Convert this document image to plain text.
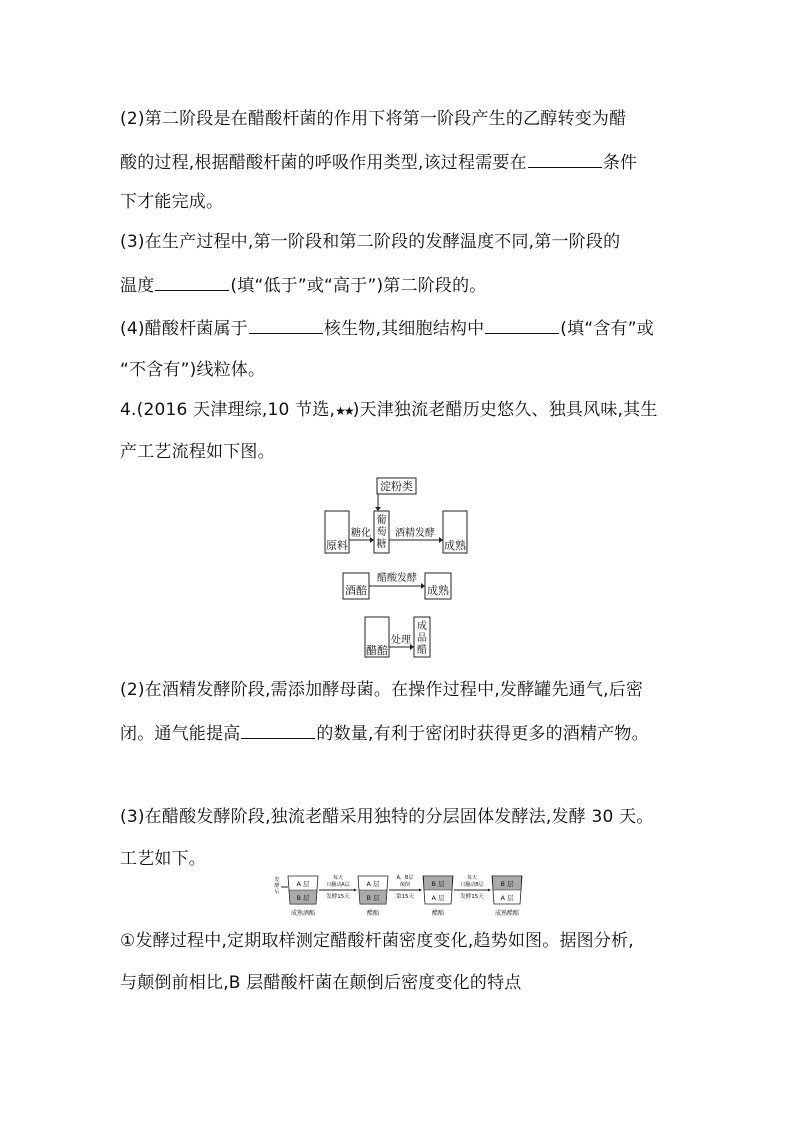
(2)第二阶段是在醋酸杆菌的作用下将第一阶段产生的乙醇转变为醋
酸的过程,根据醋酸杆菌的呼吸作用类型,该过程需要在	条件
下才能完成。
(3)在生产过程中,第一阶段和第二阶段的发酵温度不同,第一阶段的
温度	(填“低于”或“高于”)第二阶段的。
(4)醋酸杆菌属于	核生物,其细胞结构中	(填“含有”或
“不含有”)线粒体。
4.(2016 天津理综,10 节选,★★)天津独流老醋历史悠久、独具风味,其生
产工艺流程如下图。
淀粉类
原料
糖化
葡
萄
糖
酒精发酵
成熟
酒醅
醋酸发酵
成熟
醋醅
处理
成
品
醋
(2)在酒精发酵阶段,需添加酵母菌。在操作过程中,发酵罐先通气,后密
闭。通气能提高	的数量,有利于密闭时获得更多的酒精产物。
(3)在醋酸发酵阶段,独流老醋采用独特的分层固体发酵法,发酵 30 天。
工艺如下。
发
酵
后
A 层
B 层
成熟酒醅
每天
只翻动A层
发酵15天
A 层
B 层
醋醅
A、B层
颠倒
第15天
B 层
A 层
醋醅
每天
只翻动B层
发酵15天
B 层
A 层
成熟醋醅
①发酵过程中,定期取样测定醋酸杆菌密度变化,趋势如图。据图分析,
与颠倒前相比,B 层醋酸杆菌在颠倒后密度变化的特点
